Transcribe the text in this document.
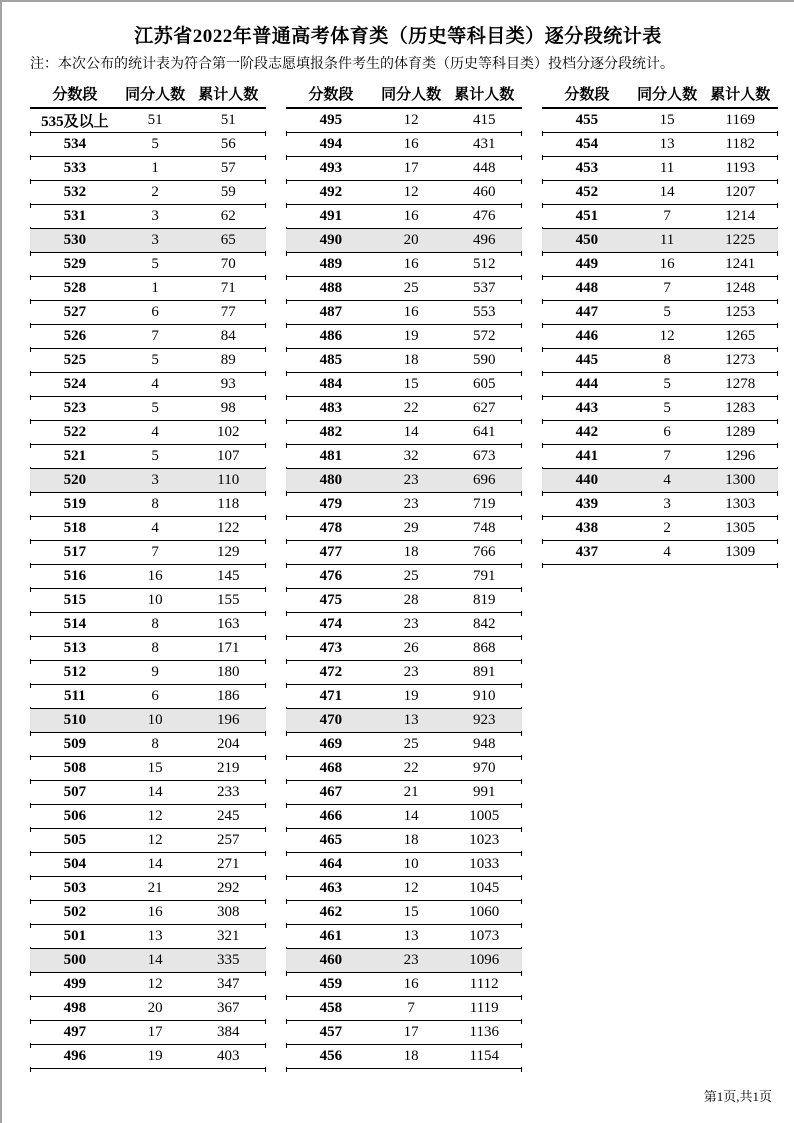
江苏省2022年普通高考体育类（历史等科目类）逐分段统计表
注：本次公布的统计表为符合第一阶段志愿填报条件考生的体育类（历史等科目类）投档分逐分段统计。
分数段	同分人数 累计人数
535及以上	51	51
534	5	56
533	1	57
532	2	59
531	3	62
530	3	65
529	5	70
528	1	71
527	6	77
526	7	84
525	5	89
524	4	93
523	5	98
522	4	102
521	5	107
520	3	110
519	8	118
518	4	122
517	7	129
516	16	145
515	10	155
514	8	163
513	8	171
512	9	180
511	6	186
510	10	196
509	8	204
508	15	219
507	14	233
506	12	245
505	12	257
504	14	271
503	21	292
502	16	308
501	13	321
500	14	335
499	12	347
498	20	367
497	17	384
496	19	403
分数段	同分人数 累计人数
495	12	415
494	16	431
493	17	448
492	12	460
491	16	476
490	20	496
489	16	512
488	25	537
487	16	553
486	19	572
485	18	590
484	15	605
483	22	627
482	14	641
481	32	673
480	23	696
479	23	719
478	29	748
477	18	766
476	25	791
475	28	819
474	23	842
473	26	868
472	23	891
471	19	910
470	13	923
469	25	948
468	22	970
467	21	991
466	14	1005
465	18	1023
464	10	1033
463	12	1045
462	15	1060
461	13	1073
460	23	1096
459	16	1112
458	7	1119
457	17	1136
456	18	1154
分数段	同分人数 累计人数
455	15	1169
454	13	1182
453	11	1193
452	14	1207
451	7	1214
450	11	1225
449	16	1241
448	7	1248
447	5	1253
446	12	1265
445	8	1273
444	5	1278
443	5	1283
442	6	1289
441	7	1296
440	4	1300
439	3	1303
438	2	1305
437	4	1309
第1页,共1页
